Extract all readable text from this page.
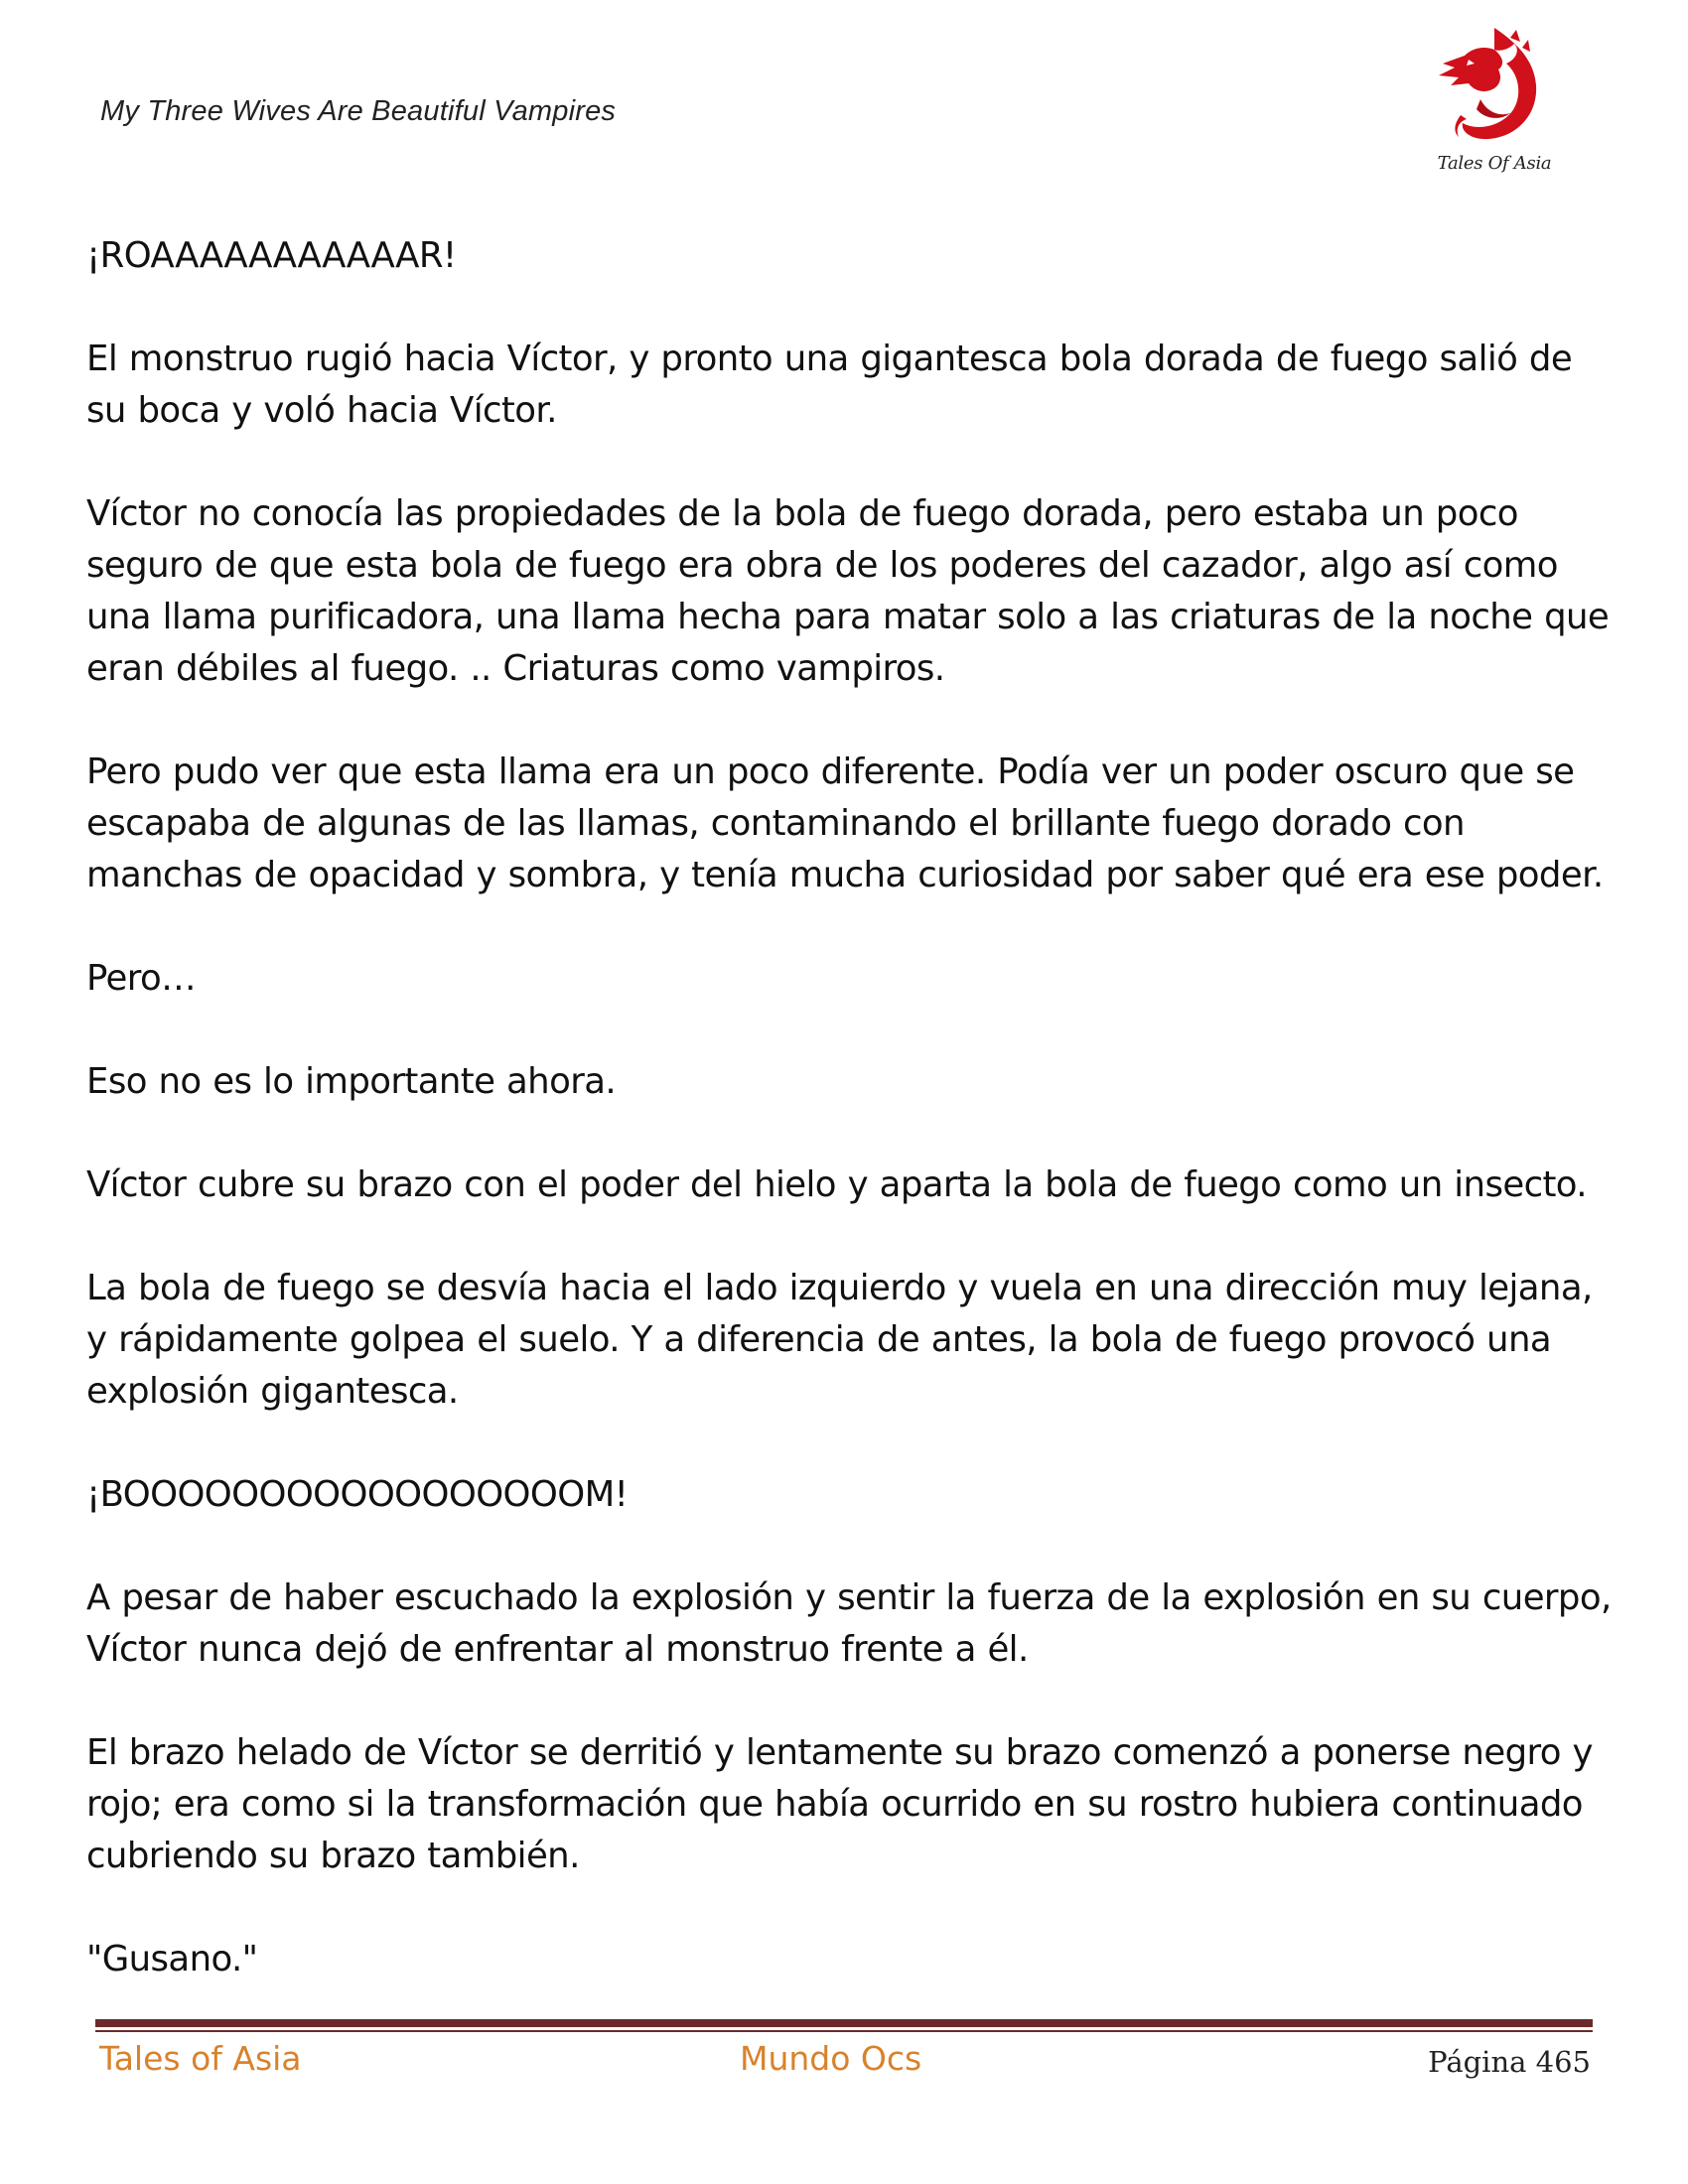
My Three Wives Are Beautiful Vampires
Tales Of Asia

¡ROAAAAAAAAAAAR!

El monstruo rugió hacia Víctor, y pronto una gigantesca bola dorada de fuego salió de su boca y voló hacia Víctor.

Víctor no conocía las propiedades de la bola de fuego dorada, pero estaba un poco seguro de que esta bola de fuego era obra de los poderes del cazador, algo así como una llama purificadora, una llama hecha para matar solo a las criaturas de la noche que eran débiles al fuego. .. Criaturas como vampiros.

Pero pudo ver que esta llama era un poco diferente. Podía ver un poder oscuro que se escapaba de algunas de las llamas, contaminando el brillante fuego dorado con manchas de opacidad y sombra, y tenía mucha curiosidad por saber qué era ese poder.

Pero…

Eso no es lo importante ahora.

Víctor cubre su brazo con el poder del hielo y aparta la bola de fuego como un insecto.

La bola de fuego se desvía hacia el lado izquierdo y vuela en una dirección muy lejana, y rápidamente golpea el suelo. Y a diferencia de antes, la bola de fuego provocó una explosión gigantesca.

¡BOOOOOOOOOOOOOOOOOM!

A pesar de haber escuchado la explosión y sentir la fuerza de la explosión en su cuerpo, Víctor nunca dejó de enfrentar al monstruo frente a él.

El brazo helado de Víctor se derritió y lentamente su brazo comenzó a ponerse negro y rojo; era como si la transformación que había ocurrido en su rostro hubiera continuado cubriendo su brazo también.

"Gusano."

Tales of Asia	Mundo Ocs	Página 465
